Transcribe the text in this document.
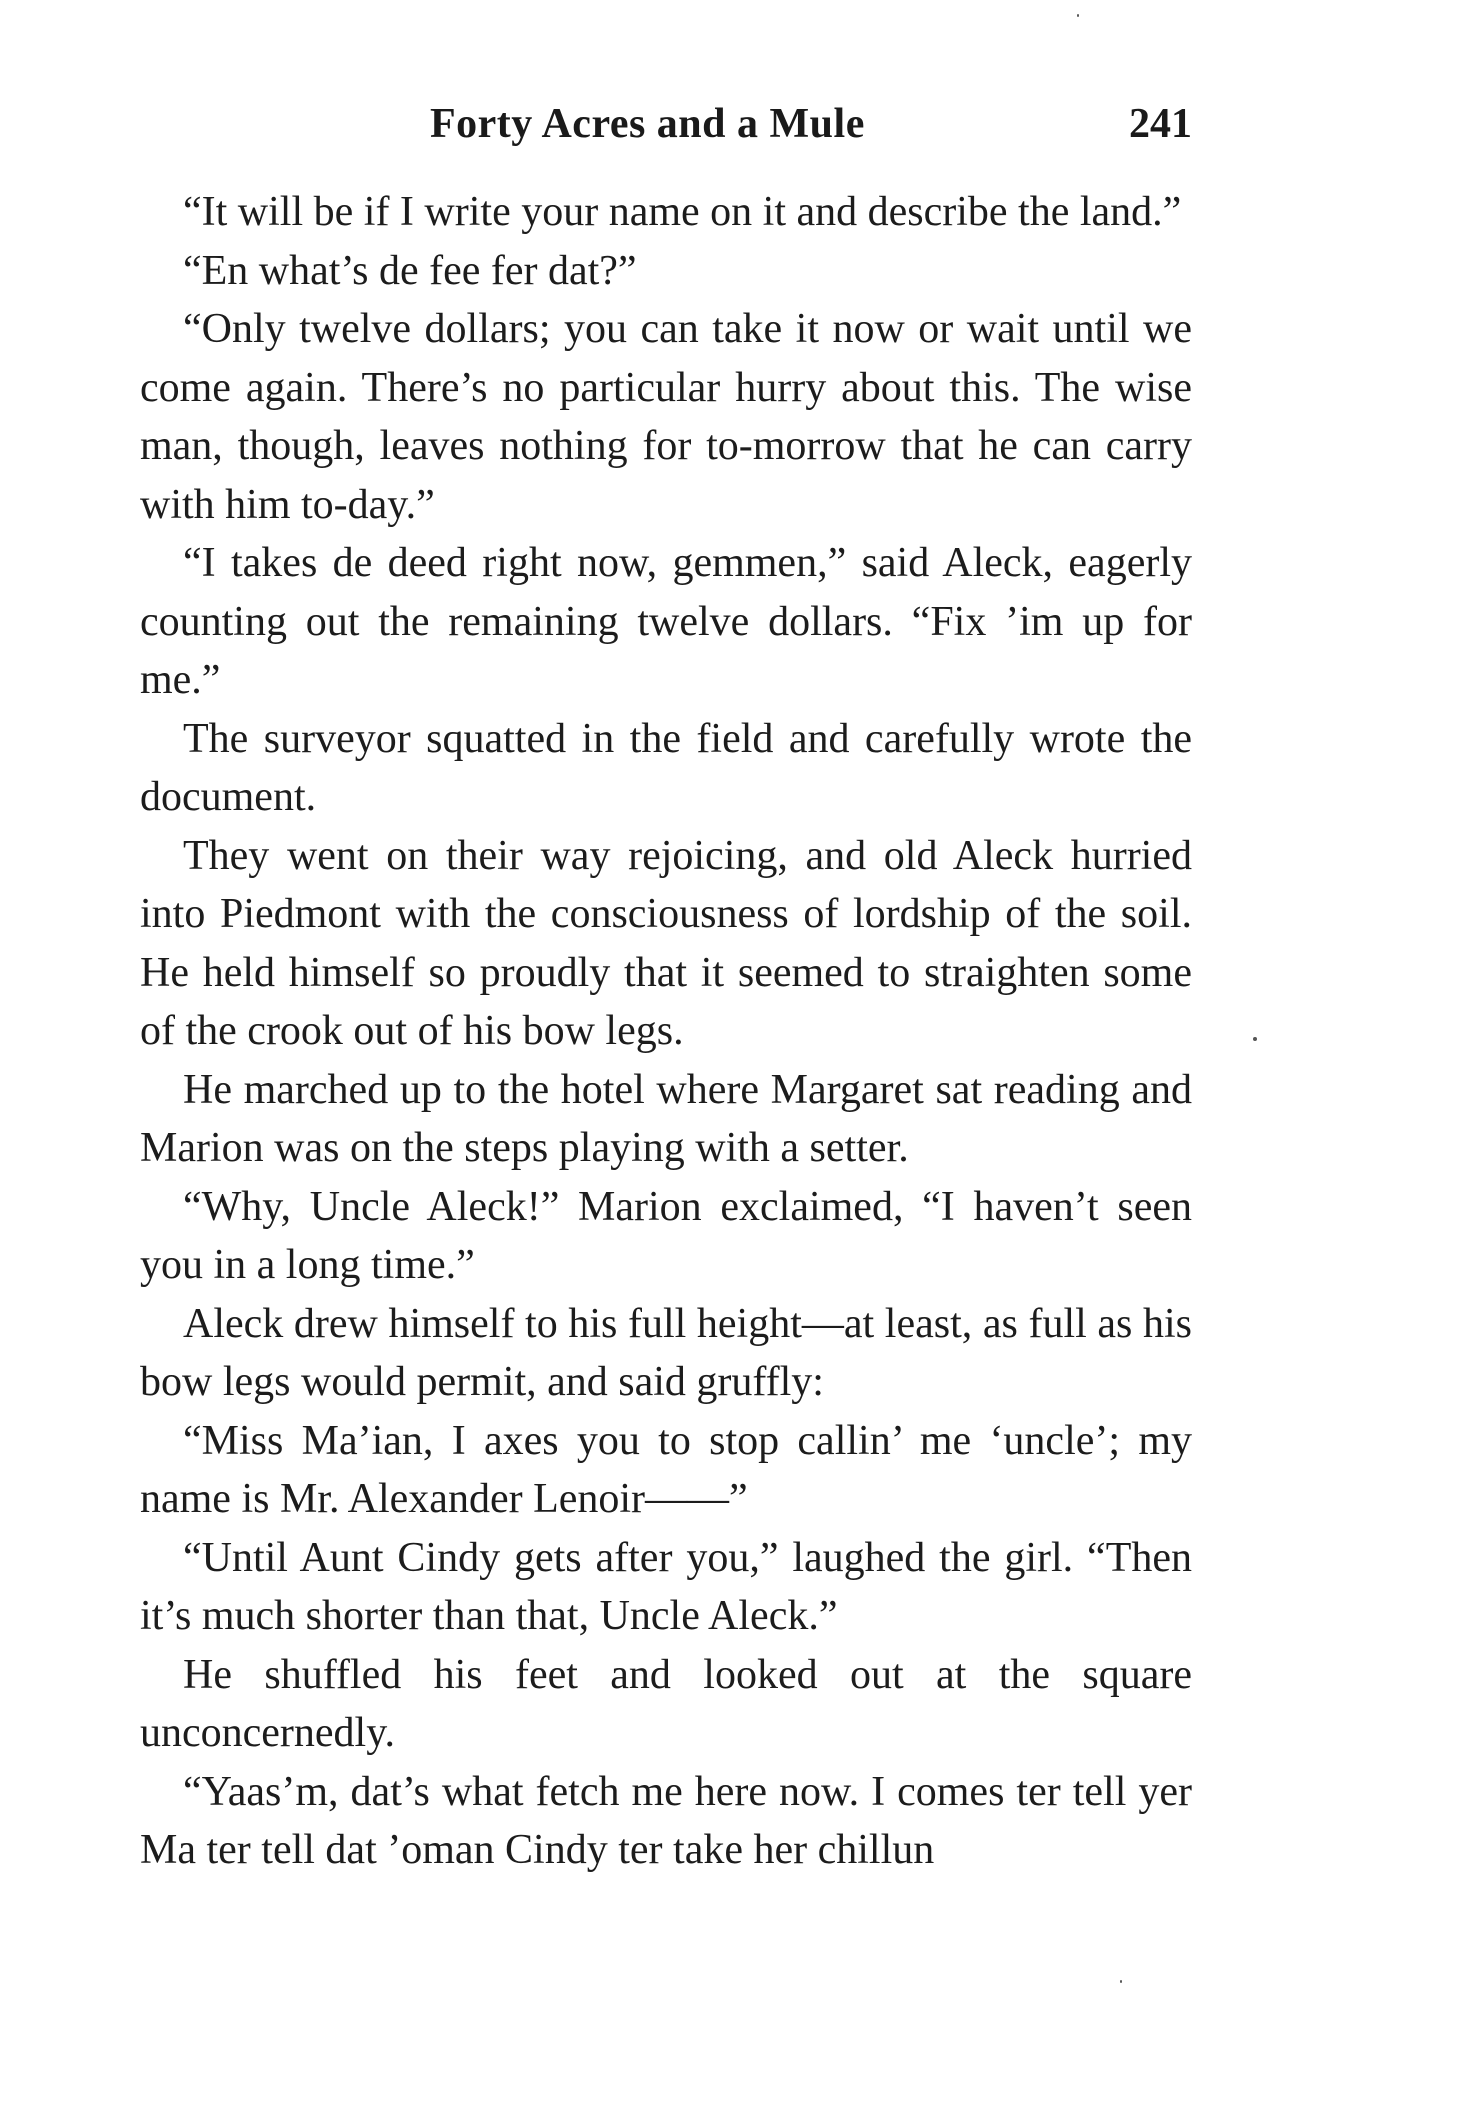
Forty Acres and a Mule	241

“It will be if I write your name on it and describe the land.”

“En what’s de fee fer dat?”

“Only twelve dollars; you can take it now or wait until we come again. There’s no particular hurry about this. The wise man, though, leaves nothing for to-morrow that he can carry with him to-day.”

“I takes de deed right now, gemmen,” said Aleck, eagerly counting out the remaining twelve dollars. “Fix ’im up for me.”

The surveyor squatted in the field and carefully wrote the document.

They went on their way rejoicing, and old Aleck hurried into Piedmont with the consciousness of lordship of the soil. He held himself so proudly that it seemed to straighten some of the crook out of his bow legs.

He marched up to the hotel where Margaret sat reading and Marion was on the steps playing with a setter.

“Why, Uncle Aleck!” Marion exclaimed, “I haven’t seen you in a long time.”

Aleck drew himself to his full height—at least, as full as his bow legs would permit, and said gruffly:

“Miss Ma’ian, I axes you to stop callin’ me ‘uncle’; my name is Mr. Alexander Lenoir——”

“Until Aunt Cindy gets after you,” laughed the girl. “Then it’s much shorter than that, Uncle Aleck.”

He shuffled his feet and looked out at the square unconcernedly.

“Yaas’m, dat’s what fetch me here now. I comes ter tell yer Ma ter tell dat ’oman Cindy ter take her chillun
